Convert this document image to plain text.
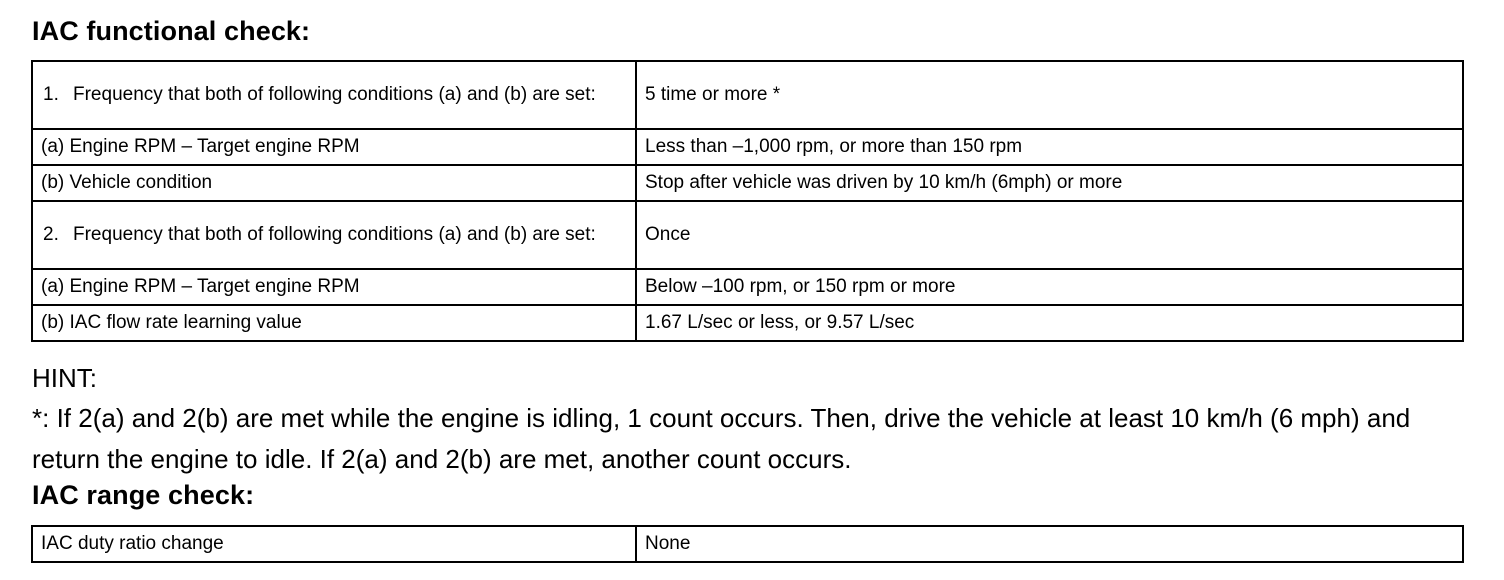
IAC functional check:
1. Frequency that both of following conditions (a) and (b) are set:	5 time or more *
(a) Engine RPM – Target engine RPM	Less than –1,000 rpm, or more than 150 rpm
(b) Vehicle condition	Stop after vehicle was driven by 10 km/h (6mph) or more

2. Frequency that both of following conditions (a) and (b) are set:	Once
(a) Engine RPM – Target engine RPM	Below –100 rpm, or 150 rpm or more
(b) IAC flow rate learning value	1.67 L/sec or less, or 9.57 L/sec

HINT:

*: If 2(a) and 2(b) are met while the engine is idling, 1 count occurs. Then, drive the vehicle at least 10 km/h (6 mph) and return the engine to idle. If 2(a) and 2(b) are met, another count occurs.

IAC range check:
IAC duty ratio change	None
